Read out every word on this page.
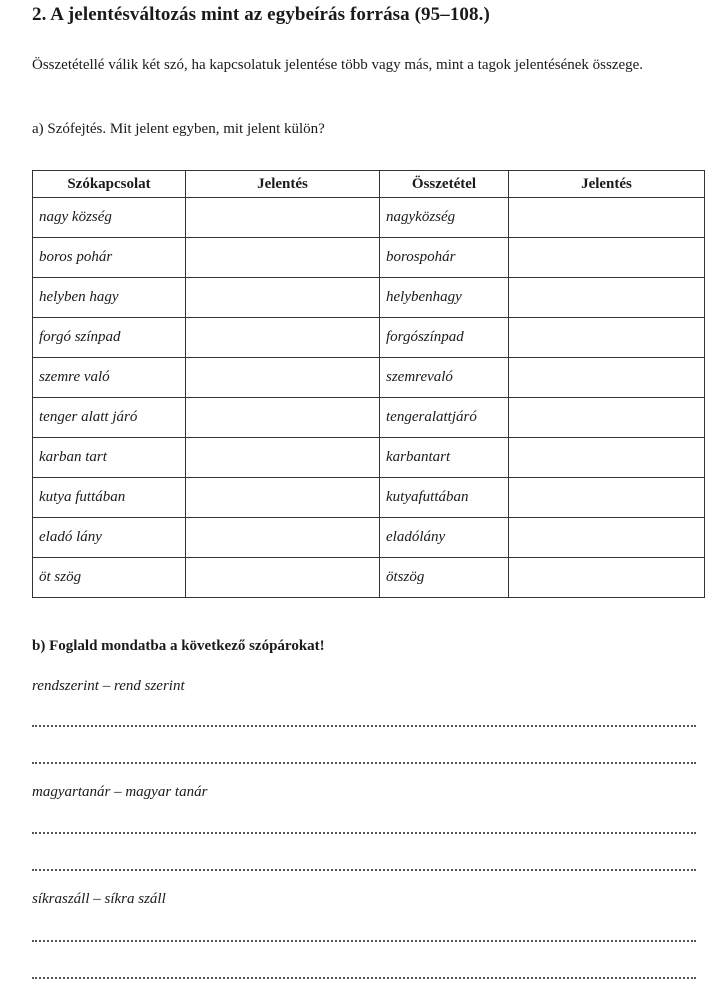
2. A jelentésváltozás mint az egybeírás forrása (95–108.)

Összetétellé válik két szó, ha kapcsolatuk jelentése több vagy más, mint a tagok jelentésének összege.

a) Szófejtés. Mit jelent egyben, mit jelent külön?

Szókapcsolat	Jelentés	Összetétel	Jelentés
nagy község		nagyközség	
boros pohár		borospohár	
helyben hagy		helybenhagy	
forgó színpad		forgószínpad	
szemre való		szemrevaló	
tenger alatt járó		tengeralattjáró	
karban tart		karbantart	
kutya futtában		kutyafuttában	
eladó lány		eladólány	
öt szög		ötszög	

b) Foglald mondatba a következő szópárokat!

rendszerint – rend szerint

magyartanár – magyar tanár

síkraszáll – síkra száll
